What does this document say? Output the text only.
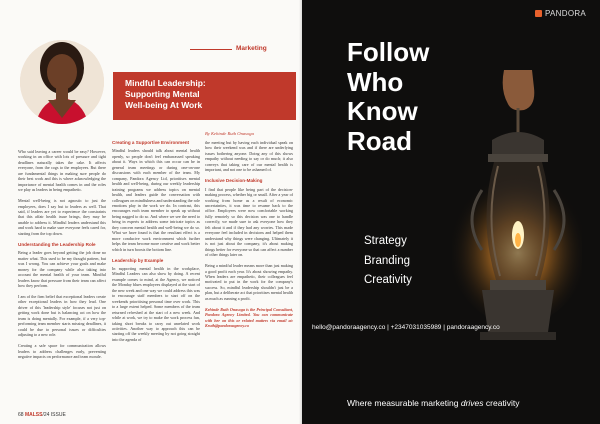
Marketing
Mindful Leadership:
Supporting Mental
Well-being At Work
By Kehinde Ruth Onasoga

Who said leaving a career would be easy? However, working in an office with lots of pressure and tight deadlines naturally takes the cake. It affects everyone, from the cogs to the employees. But there are fundamental things in making sure people do their best work and this is where acknowledging the importance of mental health comes in and the roles we play as leaders in being empathetic.

Mental well-being is not agnostic to just the employees, does I say but to leaders as well. That said, if leaders are yet to experience the constraints that this affair health issue brings, they may be unable to address it. Mindful leaders understand this and work hard to make sure everyone feels cared for, starting from the top down.

Understanding the Leadership Role

Being a leader goes beyond getting the job done no matter what. This used to be my thought pattern, but was I wrong. You can achieve your goals and make money for the company while also taking into account the mental health of your team. Mindful leaders know that pressure from their team can affect how they perform.

I am of the firm belief that exceptional leaders create other exceptional leaders in how they lead. One driver of this 'leadership style' focuses not just on getting work done but is balancing act on how the team is doing mentally. For example, if a very top-performing team member starts missing deadlines, it could be due to personal issues or difficulties adjusting to a new role.

Creating a safe space for communication allows leaders to address challenges early, preventing negative impacts on performance and team morale.

Creating a Supportive Environment

Mindful leaders should talk about mental health openly, so people don't feel embarrassed speaking about it. Ways in which this can occur can be in general team meetings or during one-on-one discussions with each member of the team. My company, Pandora Agency Ltd, prioritises mental health and well-being, during our weekly leadership training programs we address topics on mental health, and leaders guide the conversation with colleagues on mindfulness and understanding the role emotions play in the work we do. In contrast, this encourages each team member to speak up without being nagged to do so. And where we see the need to bring in experts to address some intricate topics as they concern mental health and well-being we do so. What we have found is that the resultant effect is a more conducive work environment which further helps the team become more creative and work better which in turn boosts the bottom line.

Leadership by Example

In supporting mental health in the workplace, Mindful Leaders can also show by doing. A recent example comes to mind, at the Agency, we noticed the Monday blues employees displayed at the start of the new week and one way we could address this was to encourage staff members to start off on the weekends prioritising personal time over work. This to a large extent helped. Some members of the team returned refreshed at the start of a new week. And while at work, we try to make the work process fun, taking short breaks to carry out unrelated work activities. Another way to approach this can be starting off the weekly meeting by not going straight into the agenda of

the meeting but by having each individual speak on how their weekend was and if there are underlying issues bothering anyone. Doing any of this shows empathy without needing to say or do much; it also conveys that taking care of our mental health is important, and not one to be ashamed of.

Inclusive Decision-Making

I find that people like being part of the decision-making process, whether big or small. After a year of working from home as a result of economic uncertainties, it was time to resume back to the office. Employees were now comfortable working fully remotely so this decision was one to handle correctly, we made sure to ask everyone how they felt about it and if they had any worries. This made everyone feel included in decisions and helped them understand why things were changing. Ultimately it is not just about the company, it's about making things better for everyone so that can affect a number of other things later on.

Being a mindful leader means more than just making a good profit each year. It's about showing empathy. When leaders are empathetic, their colleagues feel motivated to put in the work for the company's success. So, mindful leadership shouldn't just be a plan, but a deliberate act that prioritises mental health as much as running a profit.

Kehinde Ruth Onasoga is the Principal Consultant, Pandora Agency Limited. You can communicate with her on this or related matters via email at: Kruth@pandoraagency.co

68 MALSS/24 ISSUE
PANDORA
Follow
Who
Know
Road
Strategy
Branding
Creativity
hello@pandoraagency.co | +2347031035989 | pandoraagency.co
Where measurable marketing drives creativity
